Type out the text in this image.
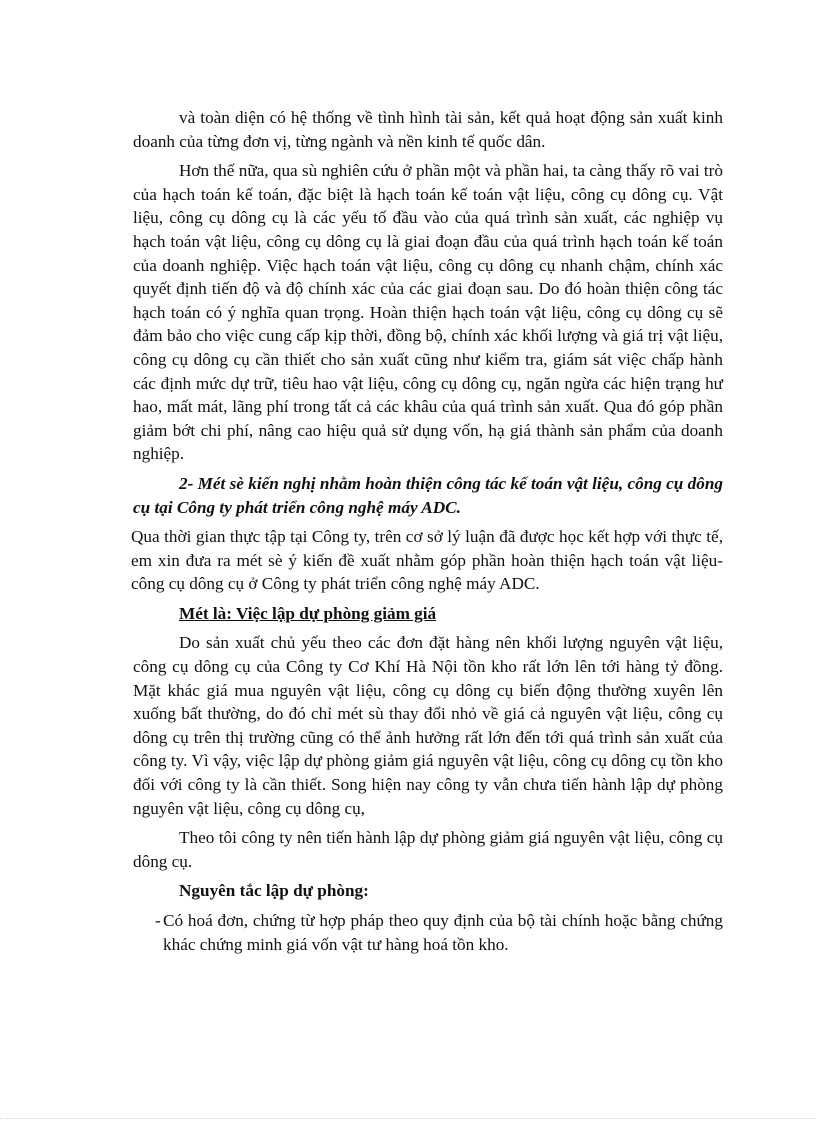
và toàn diện có hệ thống về tình hình tài sản, kết quả hoạt động sản xuất kinh doanh của từng đơn vị, từng ngành và nền kinh tế quốc dân.

Hơn thế nữa, qua sù nghiên cứu ở phần một và phần hai, ta càng thấy rõ vai trò của hạch toán kế toán, đặc biệt là hạch toán kế toán vật liệu, công cụ dông cụ. Vật liệu, công cụ dông cụ là các yếu tố đầu vào của quá trình sản xuất, các nghiệp vụ hạch toán vật liệu, công cụ dông cụ là giai đoạn đầu của quá trình hạch toán kế toán của doanh nghiệp. Việc hạch toán vật liệu, công cụ dông cụ nhanh chậm, chính xác quyết định tiến độ và độ chính xác của các giai đoạn sau. Do đó hoàn thiện công tác hạch toán có ý nghĩa quan trọng. Hoàn thiện hạch toán vật liệu, công cụ dông cụ sẽ đảm bảo cho việc cung cấp kịp thời, đồng bộ, chính xác khối lượng và giá trị vật liệu, công cụ dông cụ cần thiết cho sản xuất cũng như kiểm tra, giám sát việc chấp hành các định mức dự trữ, tiêu hao vật liệu, công cụ dông cụ, ngăn ngừa các hiện trạng hư hao, mất mát, lãng phí trong tất cả các khâu của quá trình sản xuất. Qua đó góp phần giảm bớt chi phí, nâng cao hiệu quả sử dụng vốn, hạ giá thành sản phẩm của doanh nghiệp.

2- Mét sè kiến nghị nhằm hoàn thiện công tác kế toán vật liệu, công cụ dông cụ tại Công ty phát triển công nghệ máy ADC.

Qua thời gian thực tập tại Công ty, trên cơ sở lý luận đã được học kết hợp với thực tế, em xin đưa ra mét sè ý kiến đề xuất nhằm góp phần hoàn thiện hạch toán vật liệu- công cụ dông cụ ở Công ty phát triển công nghệ máy ADC.

Mét là: Việc lập dự phòng giảm giá

Do sản xuất chủ yếu theo các đơn đặt hàng nên khối lượng nguyên vật liệu, công cụ dông cụ của Công ty Cơ Khí Hà Nội tồn kho rất lớn lên tới hàng tỷ đồng. Mặt khác giá mua nguyên vật liệu, công cụ dông cụ biến động thường xuyên lên xuống bất thường, do đó chỉ mét sù thay đổi nhỏ về giá cả nguyên vật liệu, công cụ dông cụ trên thị trường cũng có thể ảnh hưởng rất lớn đến tới quá trình sản xuất của công ty. Vì vậy, việc lập dự phòng giảm giá nguyên vật liệu, công cụ dông cụ tồn kho đối với công ty là cần thiết. Song hiện nay công ty vẫn chưa tiến hành lập dự phòng nguyên vật liệu, công cụ dông cụ,

Theo tôi công ty nên tiến hành lập dự phòng giảm giá nguyên vật liệu, công cụ dông cụ.

Nguyên tắc lập dự phòng:

- Có hoá đơn, chứng từ hợp pháp theo quy định của bộ tài chính hoặc bằng chứng khác chứng minh giá vốn vật tư hàng hoá tồn kho.
